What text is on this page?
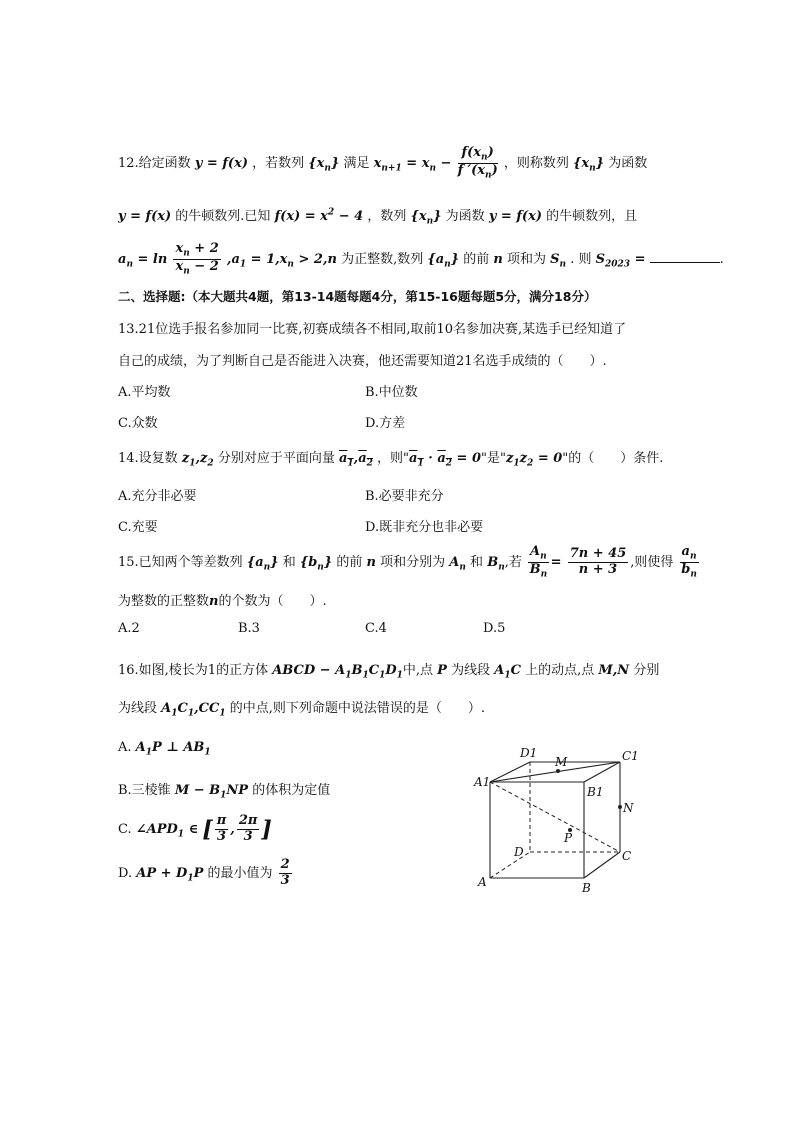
12.给定函数 y = f(x) ，若数列 $\{x_n\}$ 满足 $x_{n+1} = x_n - \frac{f(x_n)}{f '(x_n)}$ ，则称数列 $\{x_n\}$ 为函数
y = f(x) 的牛顿数列.已知 $f(x) = x^2 - 4$ ，数列 $\{x_n\}$ 为函数 y = f(x) 的牛顿数列，且
$a_n = \ln \frac{x_n + 2}{x_n - 2} ,a_1 = 1,x_n > 2,n$ 为正整数,数列 $\{a_n\}$ 的前 n 项和为 $S_n$ . 则 $S_{2023}$ =	.
二、选择题:（本大题共4题，第13-14题每题4分，第15-16题每题5分，满分18分）
13.21位选手报名参加同一比赛,初赛成绩各不相同,取前10名参加决赛,某选手已经知道了
自己的成绩，为了判断自己是否能进入决赛，他还需要知道21名选手成绩的（　　）.
A.平均数	B.中位数
C.众数	D.方差
14.设复数 $z_1,z_2$ 分别对应于平面向量 $a_1,a_2$ ，则"$a_1 \cdot a_2 = 0$"是"$z_1z_2 = 0$"的（　　）条件.
A.充分非必要	B.必要非充分
C.充要	D.既非充分也非必要
15.已知两个等差数列 $\{a_n\}$ 和 $\{b_n\}$ 的前 n 项和分别为 $A_n$ 和 $B_n$,若 $\frac{A_n}{B_n} = \frac{7n + 45}{n + 3}$ ,则使得 $\frac{a_n}{b_n}$
为整数的正整数n的个数为（　　）.
A.2	B.3	C.4	D.5
16.如图,棱长为1的正方体 ABCD − $A_1B_1C_1D_1$中,点 P 为线段 $A_1C$ 上的动点,点 M,N 分别
为线段 $A_1C_1,CC_1$ 的中点,则下列命题中说法错误的是（　　）.
A. $A_1P$ ⊥ $AB_1$
B.三棱锥 $M - B_1NP$ 的体积为定值
C. $\angle APD_1$ ∈ [ $\frac{\pi}{3}$ , $\frac{2\pi}{3}$ ]
D. AP + $D_1P$ 的最小值为 $\frac{2}{3}$
D1
M	C1
A1
B1
N
P
D	C
A	B
